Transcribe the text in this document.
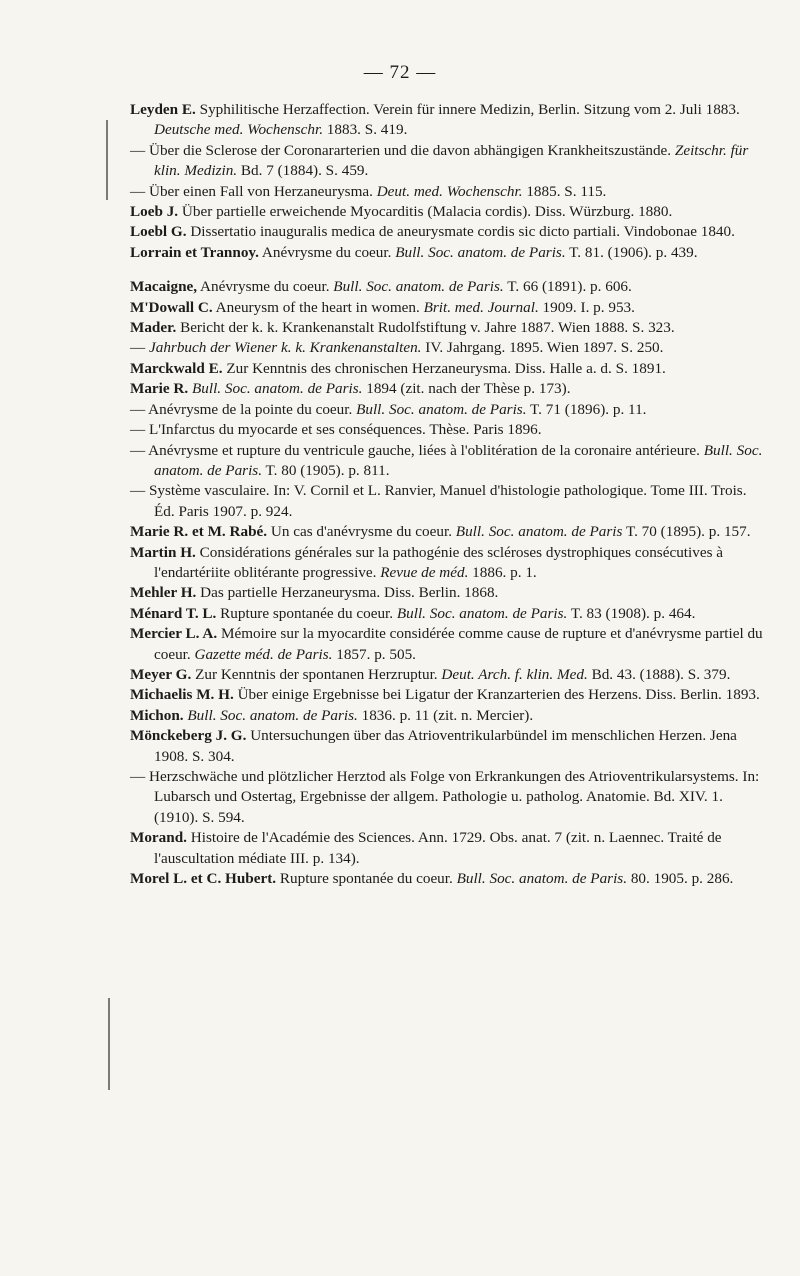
— 72 —
Leyden E. Syphilitische Herzaffection. Verein für innere Medizin, Berlin. Sitzung vom 2. Juli 1883. Deutsche med. Wochenschr. 1883. S. 419.
— Über die Sclerose der Coronararterien und die davon abhängigen Krankheitszustände. Zeitschr. für klin. Medizin. Bd. 7 (1884). S. 459.
— Über einen Fall von Herzaneurysma. Deut. med. Wochenschr. 1885. S. 115.
Loeb J. Über partielle erweichende Myocarditis (Malacia cordis). Diss. Würzburg. 1880.
Loebl G. Dissertatio inauguralis medica de aneurysmate cordis sic dicto partiali. Vindobonae 1840.
Lorrain et Trannoy. Anévrysme du coeur. Bull. Soc. anatom. de Paris. T. 81. (1906). p. 439.
Macaigne, Anévrysme du coeur. Bull. Soc. anatom. de Paris. T. 66 (1891). p. 606.
M'Dowall C. Aneurysm of the heart in women. Brit. med. Journal. 1909. I. p. 953.
Mader. Bericht der k. k. Krankenanstalt Rudolfstiftung v. Jahre 1887. Wien 1888. S. 323.
— Jahrbuch der Wiener k. k. Krankenanstalten. IV. Jahrgang. 1895. Wien 1897. S. 250.
Marckwald E. Zur Kenntnis des chronischen Herzaneurysma. Diss. Halle a. d. S. 1891.
Marie R. Bull. Soc. anatom. de Paris. 1894 (zit. nach der Thèse p. 173).
— Anévrysme de la pointe du coeur. Bull. Soc. anatom. de Paris. T. 71 (1896). p. 11.
— L'Infarctus du myocarde et ses conséquences. Thèse. Paris 1896.
— Anévrysme et rupture du ventricule gauche, liées à l'oblitération de la coronaire antérieure. Bull. Soc. anatom. de Paris. T. 80 (1905). p. 811.
— Système vasculaire. In: V. Cornil et L. Ranvier, Manuel d'histologie pathologique. Tome III. Trois. Éd. Paris 1907. p. 924.
Marie R. et M. Rabé. Un cas d'anévrysme du coeur. Bull. Soc. anatom. de Paris T. 70 (1895). p. 157.
Martin H. Considérations générales sur la pathogénie des scléroses dystrophiques consécutives à l'endartériite oblitérante progressive. Revue de méd. 1886. p. 1.
Mehler H. Das partielle Herzaneurysma. Diss. Berlin. 1868.
Ménard T. L. Rupture spontanée du coeur. Bull. Soc. anatom. de Paris. T. 83 (1908). p. 464.
Mercier L. A. Mémoire sur la myocardite considérée comme cause de rupture et d'anévrysme partiel du coeur. Gazette méd. de Paris. 1857. p. 505.
Meyer G. Zur Kenntnis der spontanen Herzruptur. Deut. Arch. f. klin. Med. Bd. 43. (1888). S. 379.
Michaelis M. H. Über einige Ergebnisse bei Ligatur der Kranzarterien des Herzens. Diss. Berlin. 1893.
Michon. Bull. Soc. anatom. de Paris. 1836. p. 11 (zit. n. Mercier).
Mönckeberg J. G. Untersuchungen über das Atrioventrikularbündel im menschlichen Herzen. Jena 1908. S. 304.
— Herzschwäche und plötzlicher Herztod als Folge von Erkrankungen des Atrioventrikularsystems. In: Lubarsch und Ostertag, Ergebnisse der allgem. Pathologie u. patholog. Anatomie. Bd. XIV. 1. (1910). S. 594.
Morand. Histoire de l'Académie des Sciences. Ann. 1729. Obs. anat. 7 (zit. n. Laennec. Traité de l'auscultation médiate III. p. 134).
Morel L. et C. Hubert. Rupture spontanée du coeur. Bull. Soc. anatom. de Paris. 80. 1905. p. 286.
